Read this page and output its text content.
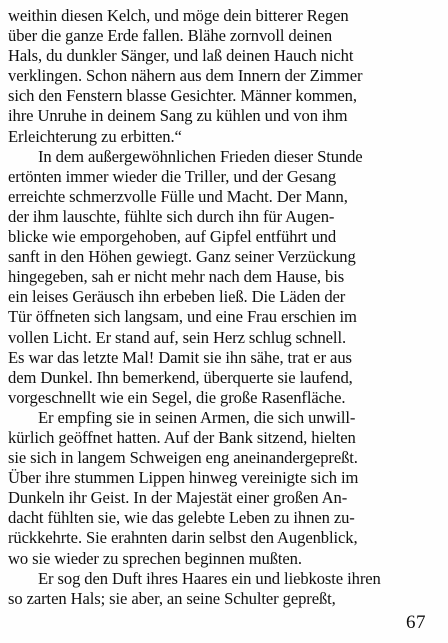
weithin diesen Kelch, und möge dein bitterer Regen
über die ganze Erde fallen. Blähe zornvoll deinen
Hals, du dunkler Sänger, und laß deinen Hauch nicht
verklingen. Schon nähern aus dem Innern der Zimmer
sich den Fenstern blasse Gesichter. Männer kommen,
ihre Unruhe in deinem Sang zu kühlen und von ihm
Erleichterung zu erbitten.“
In dem außergewöhnlichen Frieden dieser Stunde
ertönten immer wieder die Triller, und der Gesang
erreichte schmerzvolle Fülle und Macht. Der Mann,
der ihm lauschte, fühlte sich durch ihn für Augen-
blicke wie emporgehoben, auf Gipfel entführt und
sanft in den Höhen gewiegt. Ganz seiner Verzückung
hingegeben, sah er nicht mehr nach dem Hause, bis
ein leises Geräusch ihn erbeben ließ. Die Läden der
Tür öffneten sich langsam, und eine Frau erschien im
vollen Licht. Er stand auf, sein Herz schlug schnell.
Es war das letzte Mal! Damit sie ihn sähe, trat er aus
dem Dunkel. Ihn bemerkend, überquerte sie laufend,
vorgeschnellt wie ein Segel, die große Rasenfläche.
Er empfing sie in seinen Armen, die sich unwill-
kürlich geöffnet hatten. Auf der Bank sitzend, hielten
sie sich in langem Schweigen eng aneinandergepreßt.
Über ihre stummen Lippen hinweg vereinigte sich im
Dunkeln ihr Geist. In der Majestät einer großen An-
dacht fühlten sie, wie das gelebte Leben zu ihnen zu-
rückkehrte. Sie erahnten darin selbst den Augenblick,
wo sie wieder zu sprechen beginnen mußten.
Er sog den Duft ihres Haares ein und liebkoste ihren
so zarten Hals; sie aber, an seine Schulter gepreßt,
67
